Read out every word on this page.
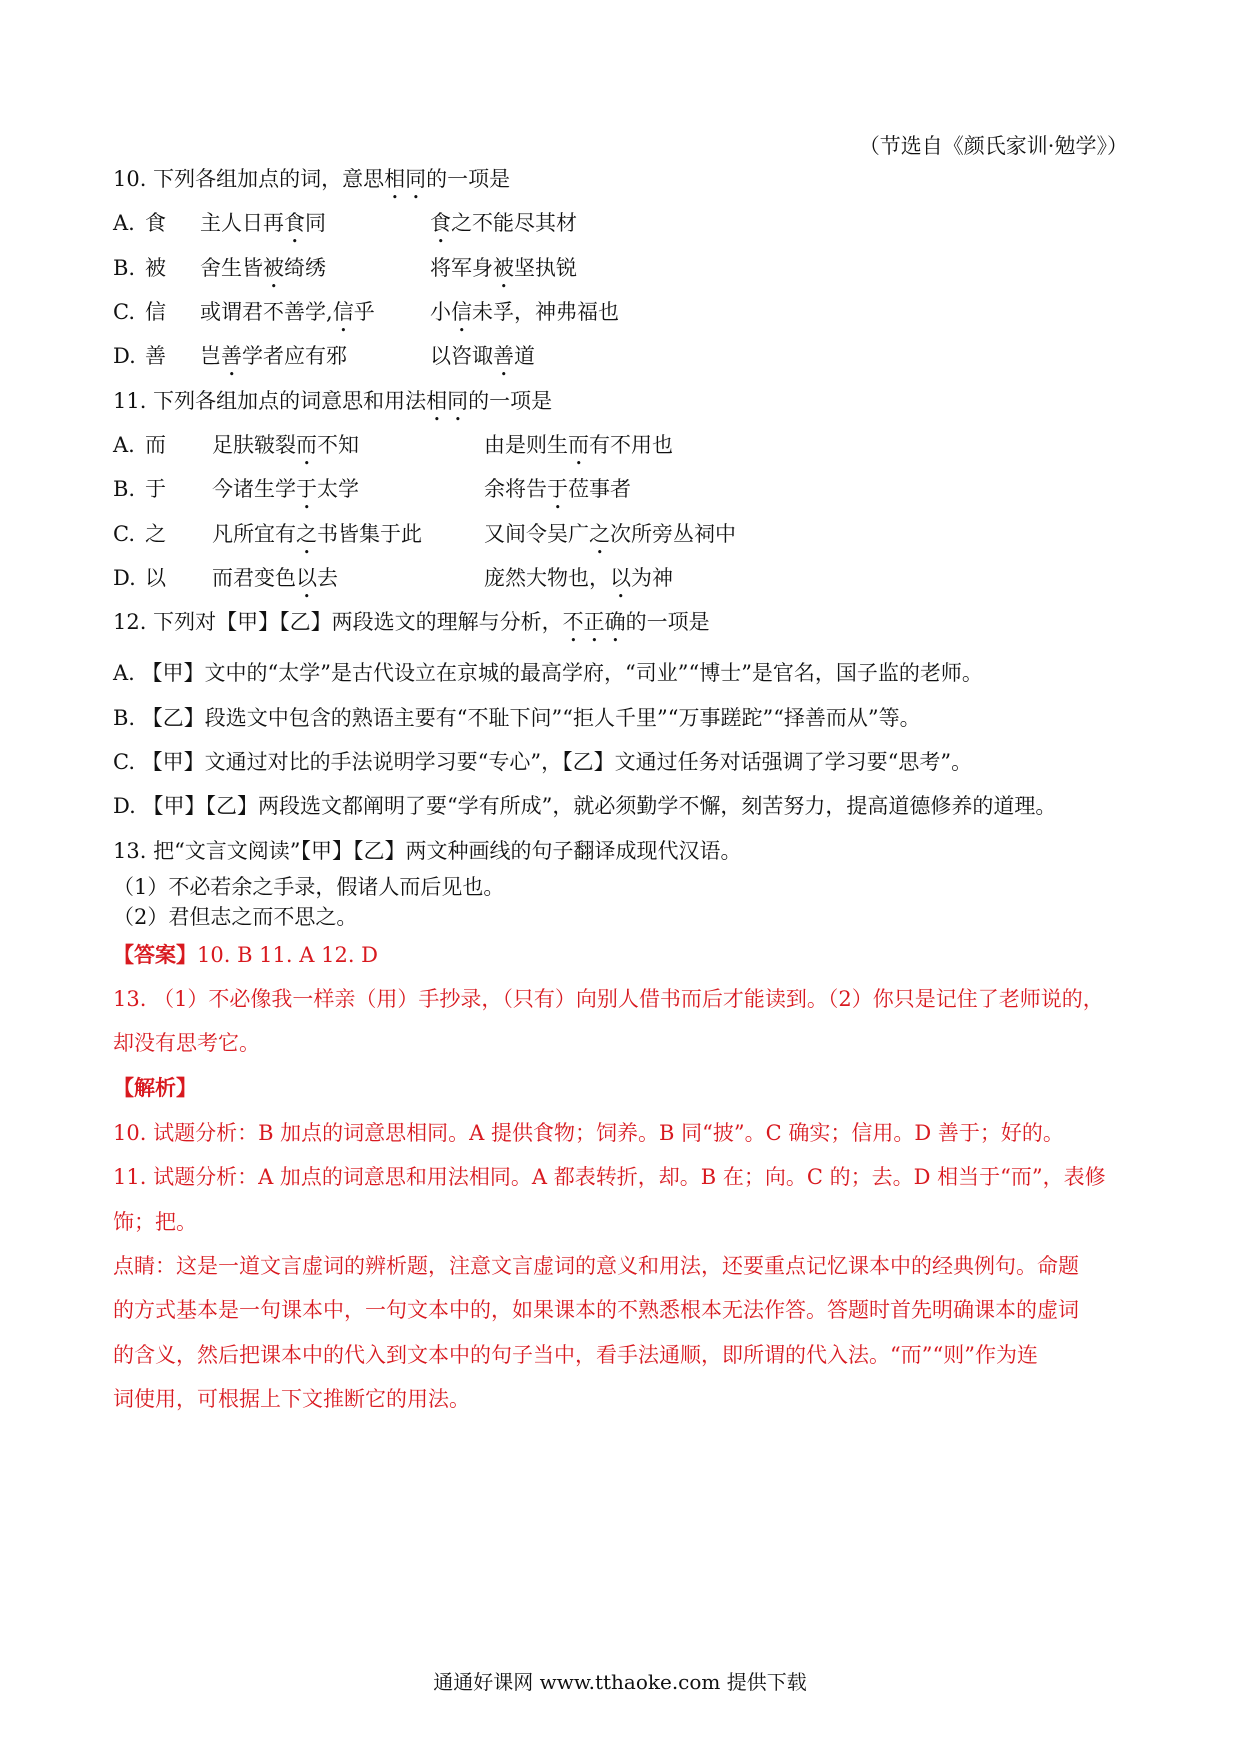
（节选自《颜氏家训·勉学》）
10. 下列各组加点的词，意思相同的一项是
A. 食 主人日再食同	食之不能尽其材
B. 被 舍生皆被绮绣	将军身被坚执锐
C. 信 或谓君不善学,信乎	小信未孚，神弗福也
D. 善 岂善学者应有邪	以咨诹善道
11. 下列各组加点的词意思和用法相同的一项是
A. 而 足肤皲裂而不知	由是则生而有不用也
B. 于 今诸生学于太学	余将告于莅事者
C. 之 凡所宜有之书皆集于此	又间令吴广之次所旁丛祠中
D. 以 而君变色以去	庞然大物也，以为神
12. 下列对【甲】【乙】两段选文的理解与分析，不正确的一项是
A. 【甲】文中的“太学”是古代设立在京城的最高学府，“司业”“博士”是官名，国子监的老师。
B. 【乙】段选文中包含的熟语主要有“不耻下问”“拒人千里”“万事蹉跎”“择善而从”等。
C. 【甲】文通过对比的手法说明学习要“专心”，【乙】文通过任务对话强调了学习要“思考”。
D. 【甲】【乙】两段选文都阐明了要“学有所成”，就必须勤学不懈，刻苦努力，提高道德修养的道理。
13. 把“文言文阅读”【甲】【乙】两文种画线的句子翻译成现代汉语。
（1）不必若余之手录，假诸人而后见也。
（2）君但志之而不思之。
【答案】10. B 11. A 12. D
13. （1）不必像我一样亲（用）手抄录，（只有）向别人借书而后才能读到。（2）你只是记住了老师说的，
却没有思考它。
【解析】
10. 试题分析：B 加点的词意思相同。A 提供食物；饲养。B 同“披”。C 确实；信用。D 善于；好的。
11. 试题分析：A 加点的词意思和用法相同。A 都表转折，却。B 在；向。C 的；去。D 相当于“而”，表修
饰；把。
点睛：这是一道文言虚词的辨析题，注意文言虚词的意义和用法，还要重点记忆课本中的经典例句。命题
的方式基本是一句课本中，一句文本中的，如果课本的不熟悉根本无法作答。答题时首先明确课本的虚词
的含义，然后把课本中的代入到文本中的句子当中，看手法通顺，即所谓的代入法。“而”“则”作为连
词使用，可根据上下文推断它的用法。
通通好课网 www.tthaoke.com 提供下载
